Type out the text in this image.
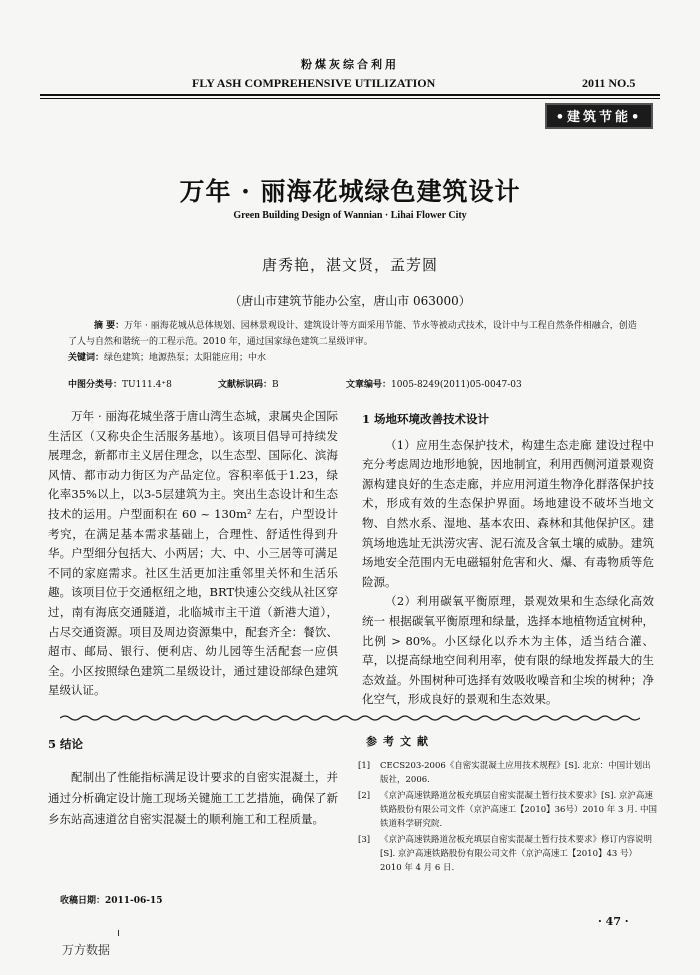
粉煤灰综合利用
FLY ASH COMPREHENSIVE UTILIZATION	2011 NO.5
•建筑节能•
万年 · 丽海花城绿色建筑设计
Green Building Design of Wannian · Lihai Flower City
唐秀艳，湛文贤，孟芳圆
（唐山市建筑节能办公室，唐山市 063000）
摘 要：万年 · 丽海花城从总体规划、园林景观设计、建筑设计等方面采用节能、节水等被动式技术，设计中与工程自然条件相融合，创造了人与自然和谐统一的工程示范。2010 年，通过国家绿色建筑二星级评审。
关键词：绿色建筑；地源热泵；太阳能应用；中水
中图分类号：TU111.4⁺8	文献标识码：B	文章编号：1005-8249(2011)05-0047-03

万年 · 丽海花城坐落于唐山湾生态城，隶属央企国际生活区（又称央企生活服务基地）。该项目倡导可持续发展理念，新都市主义居住理念，以生态型、国际化、滨海风情、都市动力街区为产品定位。容积率低于1.23，绿化率35%以上，以3-5层建筑为主。突出生态设计和生态技术的运用。户型面积在 60 ~ 130m² 左右，户型设计考究，在满足基本需求基础上，合理性、舒适性得到升华。户型细分包括大、小两居；大、中、小三居等可满足不同的家庭需求。社区生活更加注重邻里关怀和生活乐趣。该项目位于交通枢纽之地，BRT快速公交线从社区穿过，南有海底交通隧道，北临城市主干道（新港大道），占尽交通资源。项目及周边资源集中，配套齐全：餐饮、超市、邮局、银行、便利店、幼儿园等生活配套一应俱全。小区按照绿色建筑二星级设计，通过建设部绿色建筑星级认证。

1 场地环境改善技术设计

（1）应用生态保护技术，构建生态走廊 建设过程中充分考虑周边地形地貌，因地制宜，利用西侧河道景观资源构建良好的生态走廊，并应用河道生物净化群落保护技术，形成有效的生态保护界面。场地建设不破坏当地文物、自然水系、湿地、基本农田、森林和其他保护区。建筑场地选址无洪涝灾害、泥石流及含氧土壤的威胁。建筑场地安全范围内无电磁辐射危害和火、爆、有毒物质等危险源。

（2）利用碳氧平衡原理，景观效果和生态绿化高效统一 根据碳氧平衡原理和绿量，选择本地植物适宜树种，比例 > 80%。小区绿化以乔木为主体，适当结合灌、草，以提高绿地空间利用率，使有限的绿地发挥最大的生态效益。外围树种可选择有效吸收噪音和尘埃的树种；净化空气，形成良好的景观和生态效果。

5 结论

配制出了性能指标满足设计要求的自密实混凝土，并通过分析确定设计施工现场关键施工工艺措施，确保了新乡东站高速道岔自密实混凝土的顺利施工和工程质量。

参考文献
[1] CECS203-2006《自密实混凝土应用技术规程》[S]. 北京：中国计划出版社，2006.
[2] 《京沪高速铁路道岔板充填层自密实混凝土暂行技术要求》[S]. 京沪高速铁路股份有限公司文件（京沪高速工【2010】36号）2010 年 3 月. 中国铁道科学研究院.
[3] 《京沪高速铁路道岔板充填层自密实混凝土暂行技术要求》修订内容说明[S]. 京沪高速铁路股份有限公司文件（京沪高速工【2010】43 号）2010 年 4 月 6 日.
收稿日期：2011-06-15
· 47 ·
万方数据
